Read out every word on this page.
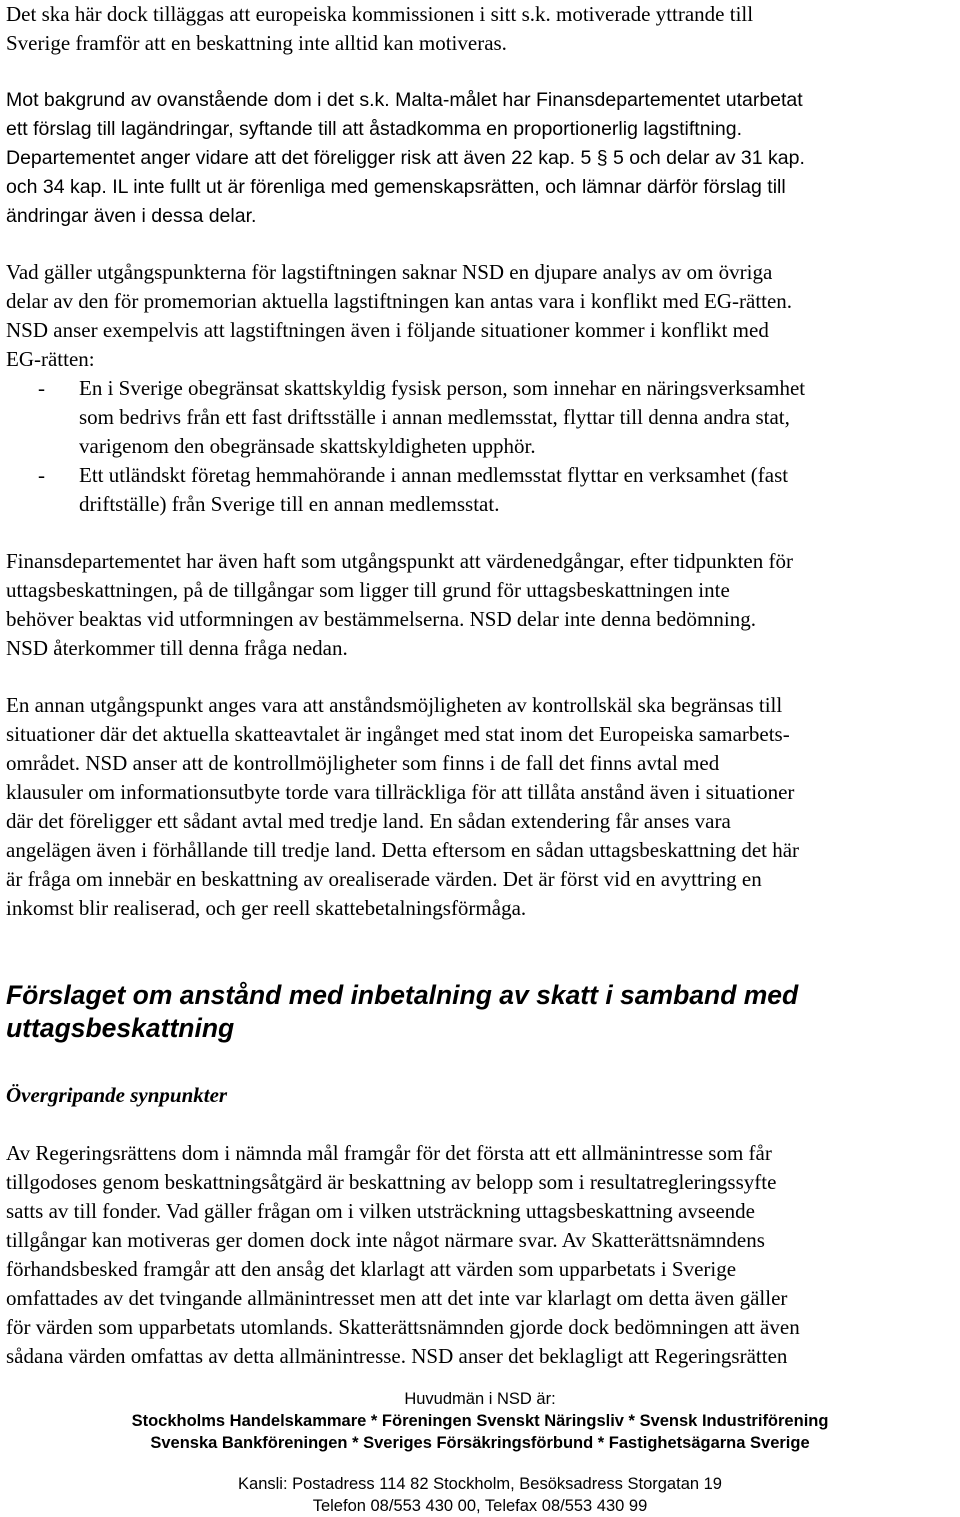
Det ska här dock tilläggas att europeiska kommissionen i sitt s.k. motiverade yttrande till
Sverige framför att en beskattning inte alltid kan motiveras.
Mot bakgrund av ovanstående dom i det s.k. Malta-målet har Finansdepartementet utarbetat
ett förslag till lagändringar, syftande till att åstadkomma en proportionerlig lagstiftning.
Departementet anger vidare att det föreligger risk att även 22 kap. 5 § 5 och delar av 31 kap.
och 34 kap. IL inte fullt ut är förenliga med gemenskapsrätten, och lämnar därför förslag till
ändringar även i dessa delar.
Vad gäller utgångspunkterna för lagstiftningen saknar NSD en djupare analys av om övriga
delar av den för promemorian aktuella lagstiftningen kan antas vara i konflikt med EG-rätten.
NSD anser exempelvis att lagstiftningen även i följande situationer kommer i konflikt med
EG-rätten:
- En i Sverige obegränsat skattskyldig fysisk person, som innehar en näringsverksamhet
som bedrivs från ett fast driftsställe i annan medlemsstat, flyttar till denna andra stat,
varigenom den obegränsade skattskyldigheten upphör.
- Ett utländskt företag hemmahörande i annan medlemsstat flyttar en verksamhet (fast
driftställe) från Sverige till en annan medlemsstat.
Finansdepartementet har även haft som utgångspunkt att värdenedgångar, efter tidpunkten för
uttagsbeskattningen, på de tillgångar som ligger till grund för uttagsbeskattningen inte
behöver beaktas vid utformningen av bestämmelserna. NSD delar inte denna bedömning.
NSD återkommer till denna fråga nedan.
En annan utgångspunkt anges vara att anståndsmöjligheten av kontrollskäl ska begränsas till
situationer där det aktuella skatteavtalet är ingånget med stat inom det Europeiska samarbets-
området. NSD anser att de kontrollmöjligheter som finns i de fall det finns avtal med
klausuler om informationsutbyte torde vara tillräckliga för att tillåta anstånd även i situationer
där det föreligger ett sådant avtal med tredje land. En sådan extendering får anses vara
angelägen även i förhållande till tredje land. Detta eftersom en sådan uttagsbeskattning det här
är fråga om innebär en beskattning av orealiserade värden. Det är först vid en avyttring en
inkomst blir realiserad, och ger reell skattebetalningsförmåga.
Förslaget om anstånd med inbetalning av skatt i samband med
uttagsbeskattning
Övergripande synpunkter
Av Regeringsrättens dom i nämnda mål framgår för det första att ett allmänintresse som får
tillgodoses genom beskattningsåtgärd är beskattning av belopp som i resultatregleringssyfte
satts av till fonder. Vad gäller frågan om i vilken utsträckning uttagsbeskattning avseende
tillgångar kan motiveras ger domen dock inte något närmare svar. Av Skatterättsnämndens
förhandsbesked framgår att den ansåg det klarlagt att värden som upparbetats i Sverige
omfattades av det tvingande allmänintresset men att det inte var klarlagt om detta även gäller
för värden som upparbetats utomlands. Skatterättsnämnden gjorde dock bedömningen att även
sådana värden omfattas av detta allmänintresse. NSD anser det beklagligt att Regeringsrätten
Huvudmän i NSD är:
Stockholms Handelskammare * Föreningen Svenskt Näringsliv * Svensk Industriförening
Svenska Bankföreningen * Sveriges Försäkringsförbund * Fastighetsägarna Sverige
Kansli: Postadress 114 82 Stockholm, Besöksadress Storgatan 19
Telefon 08/553 430 00, Telefax 08/553 430 99
